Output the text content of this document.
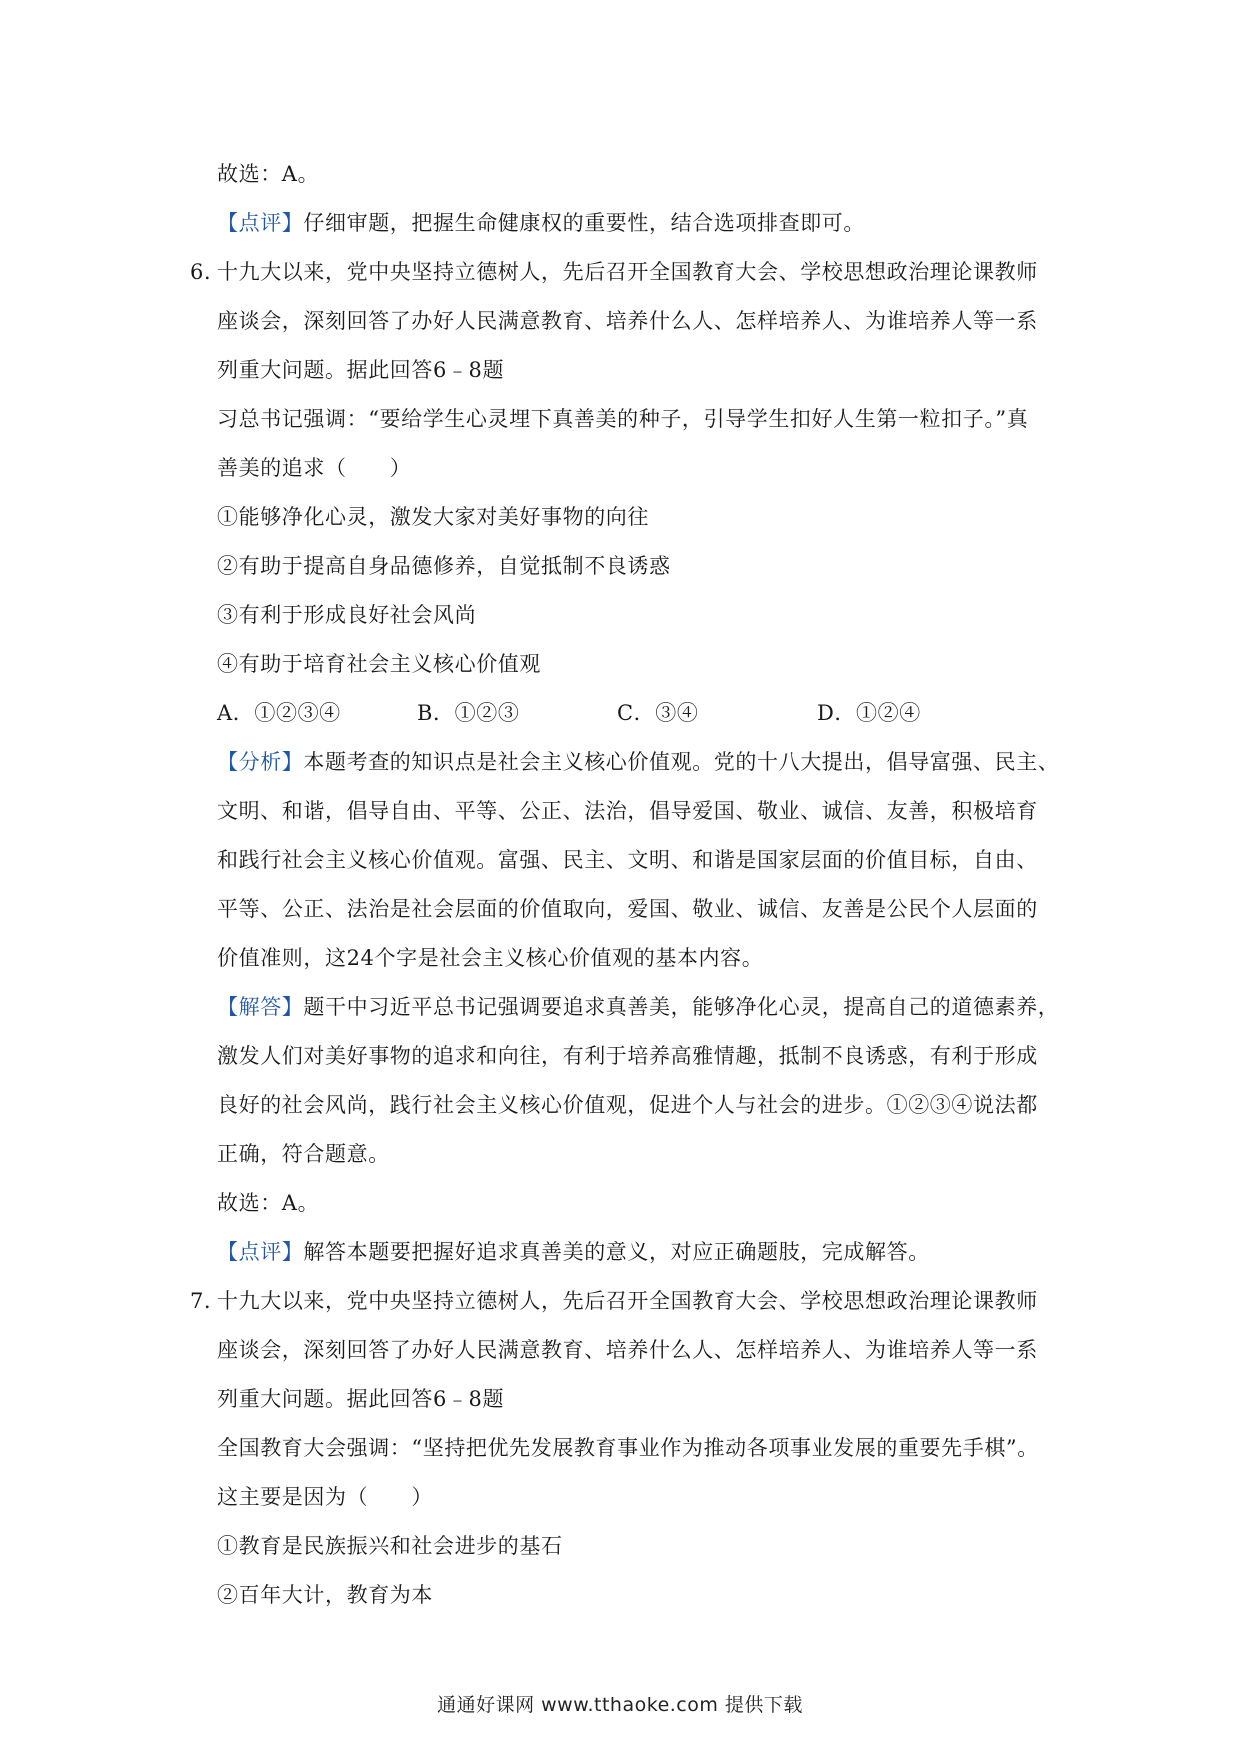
故选：A。
【点评】仔细审题，把握生命健康权的重要性，结合选项排查即可。
6．
十九大以来，党中央坚持立德树人，先后召开全国教育大会、学校思想政治理论课教师
座谈会，深刻回答了办好人民满意教育、培养什么人、怎样培养人、为谁培养人等一系
列重大问题。据此回答6﹣8题
习总书记强调：“要给学生心灵埋下真善美的种子，引导学生扣好人生第一粒扣子。”真
善美的追求（　　）
①能够净化心灵，激发大家对美好事物的向往
②有助于提高自身品德修养，自觉抵制不良诱惑
③有利于形成良好社会风尚
④有助于培育社会主义核心价值观
A．①②③④	B．①②③	C．③④	D．①②④
【分析】本题考查的知识点是社会主义核心价值观。党的十八大提出，倡导富强、民主、
文明、和谐，倡导自由、平等、公正、法治，倡导爱国、敬业、诚信、友善，积极培育
和践行社会主义核心价值观。富强、民主、文明、和谐是国家层面的价值目标，自由、
平等、公正、法治是社会层面的价值取向，爱国、敬业、诚信、友善是公民个人层面的
价值准则，这24个字是社会主义核心价值观的基本内容。
【解答】题干中习近平总书记强调要追求真善美，能够净化心灵，提高自己的道德素养，
激发人们对美好事物的追求和向往，有利于培养高雅情趣，抵制不良诱惑，有利于形成
良好的社会风尚，践行社会主义核心价值观，促进个人与社会的进步。①②③④说法都
正确，符合题意。
故选：A。
【点评】解答本题要把握好追求真善美的意义，对应正确题肢，完成解答。
7．
十九大以来，党中央坚持立德树人，先后召开全国教育大会、学校思想政治理论课教师
座谈会，深刻回答了办好人民满意教育、培养什么人、怎样培养人、为谁培养人等一系
列重大问题。据此回答6﹣8题
全国教育大会强调：“坚持把优先发展教育事业作为推动各项事业发展的重要先手棋”。
这主要是因为（　　）
①教育是民族振兴和社会进步的基石
②百年大计，教育为本
通通好课网 www.tthaoke.com 提供下载
